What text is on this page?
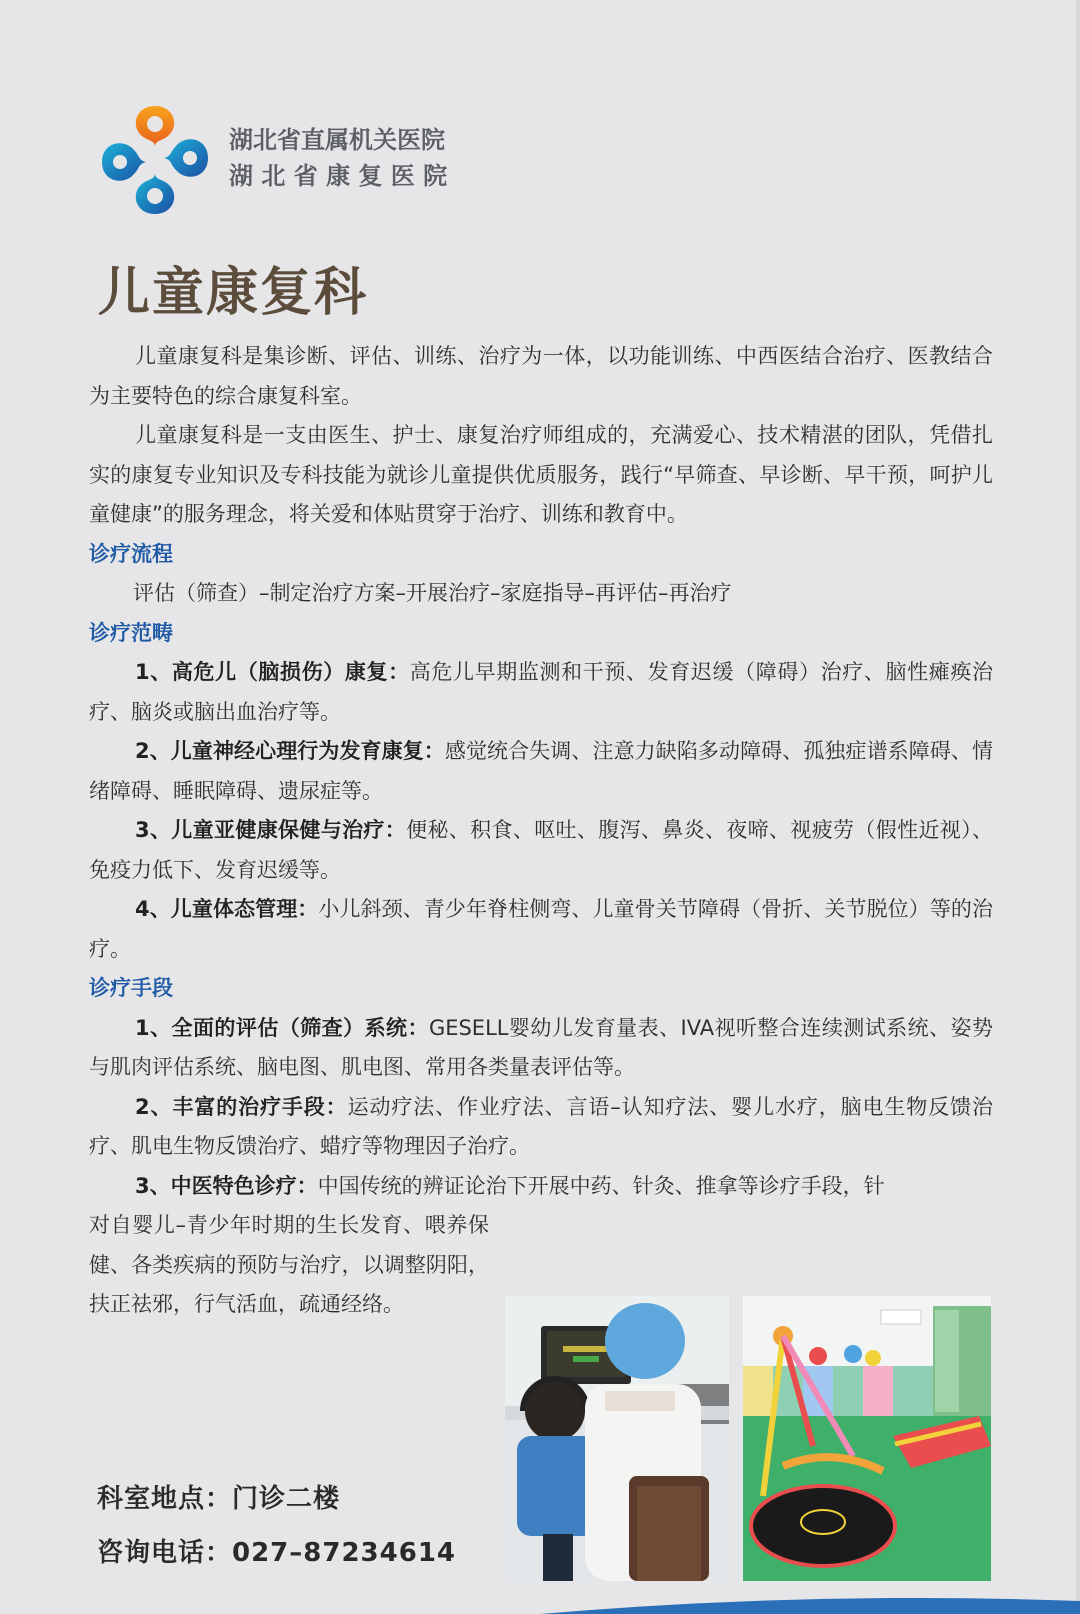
湖北省直属机关医院
湖 北 省 康 复 医 院
儿童康复科

儿童康复科是集诊断、评估、训练、治疗为一体，以功能训练、中西医结合治疗、医教结合为主要特色的综合康复科室。

儿童康复科是一支由医生、护士、康复治疗师组成的，充满爱心、技术精湛的团队，凭借扎实的康复专业知识及专科技能为就诊儿童提供优质服务，践行“早筛查、早诊断、早干预，呵护儿童健康”的服务理念，将关爱和体贴贯穿于治疗、训练和教育中。

诊疗流程

评估（筛查）–制定治疗方案–开展治疗–家庭指导–再评估–再治疗

诊疗范畴

1、高危儿（脑损伤）康复：高危儿早期监测和干预、发育迟缓（障碍）治疗、脑性瘫痪治疗、脑炎或脑出血治疗等。

2、儿童神经心理行为发育康复：感觉统合失调、注意力缺陷多动障碍、孤独症谱系障碍、情绪障碍、睡眠障碍、遗尿症等。

3、儿童亚健康保健与治疗：便秘、积食、呕吐、腹泻、鼻炎、夜啼、视疲劳（假性近视）、免疫力低下、发育迟缓等。

4、儿童体态管理：小儿斜颈、青少年脊柱侧弯、儿童骨关节障碍（骨折、关节脱位）等的治疗。

诊疗手段

1、全面的评估（筛查）系统：GESELL婴幼儿发育量表、IVA视听整合连续测试系统、姿势与肌肉评估系统、脑电图、肌电图、常用各类量表评估等。

2、丰富的治疗手段：运动疗法、作业疗法、言语–认知疗法、婴儿水疗，脑电生物反馈治疗、肌电生物反馈治疗、蜡疗等物理因子治疗。

3、中医特色诊疗：中国传统的辨证论治下开展中药、针灸、推拿等诊疗手段，针

对自婴儿–青少年时期的生长发育、喂养保健、各类疾病的预防与治疗，以调整阴阳，扶正祛邪，行气活血，疏通经络。

科室地点：门诊二楼
咨询电话：027–87234614
